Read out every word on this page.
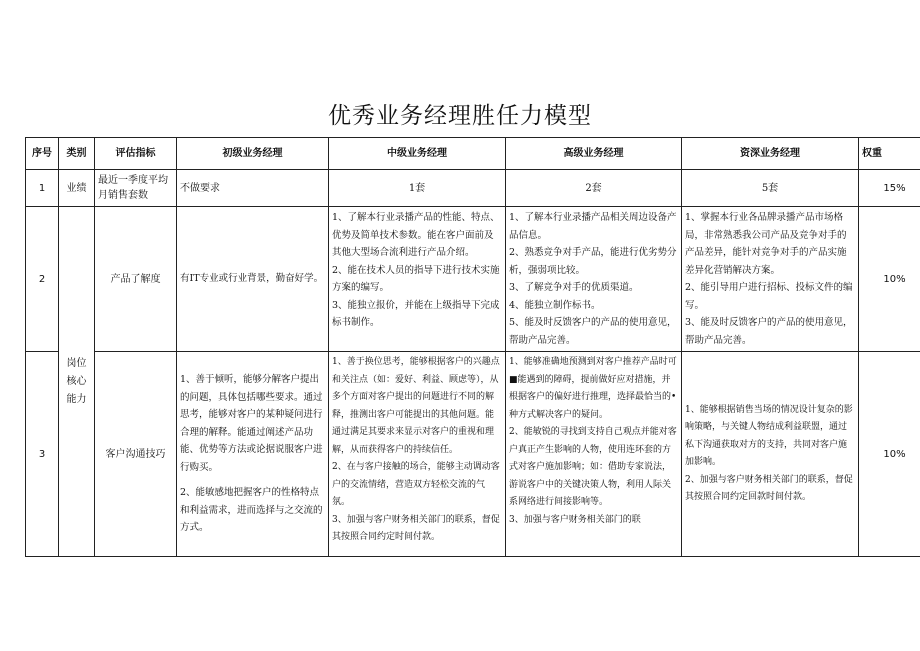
优秀业务经理胜任力模型
序号	类别	评估指标	初级业务经理	中级业务经理	高级业务经理	资深业务经理	权重
1	业绩	最近一季度平均月销售套数	不做要求	1套	2套	5套	15%
2	岗位核心能力	产品了解度	有IT专业或行业背景，勤奋好学。	1、了解本行业录播产品的性能、特点、优势及简单技术参数。能在客户面前及其他大型场合流利进行产品介绍。
2、能在技术人员的指导下进行技术实施方案的编写。
3、能独立报价，并能在上级指导下完成标书制作。	1、了解本行业录播产品相关周边设备产品信息。
2、熟悉竞争对手产品，能进行优劣势分析，强弱项比较。
3、了解竞争对手的优质渠道。
4、能独立制作标书。
5、能及时反馈客户的产品的使用意见，帮助产品完善。	1、掌握本行业各品牌录播产品市场格局，非常熟悉我公司产品及竞争对手的产品差异，能针对竞争对手的产品实施差异化营销解决方案。
2、能引导用户进行招标、投标文件的编写。
3、能及时反馈客户的产品的使用意见，帮助产品完善。	10%
3		客户沟通技巧	1、善于倾听，能够分解客户提出的问题，具体包括哪些要求。通过思考，能够对客户的某种疑问进行合理的解释。能通过阐述产品功能、优势等方法或论据说服客户进行购买。
2、能敏感地把握客户的性格特点和利益需求，进而选择与之交流的方式。	1、善于换位思考，能够根据客户的兴趣点和关注点（如：爱好、利益、顾虑等），从多个方面对客户提出的问题进行不同的解释，推测出客户可能提出的其他问题。能通过满足其要求来显示对客户的重视和理解，从而获得客户的持续信任。
2、在与客户接触的场合，能够主动调动客户的交流情绪，营造双方轻松交流的气氛。
3、加强与客户财务相关部门的联系，督促其按照合同约定时间付款。	1、能够准确地预测到对客户推荐产品时可■能遇到的障碍，提前做好应对措施，并根据客户的偏好进行推理，选择最恰当的•种方式解决客户的疑问。
2、能敏锐的寻找到支持自己观点并能对客户真正产生影响的人物，使用连环套的方式对客户施加影响；如：借助专家说法，游说客户中的关键决策人物，利用人际关系网络进行间接影响等。
3、加强与客户财务相关部门的联	1、能够根据销售当场的情况设计复杂的影响策略，与关键人物结成利益联盟，通过私下沟通获取对方的支持，共同对客户施加影响。
2、加强与客户财务相关部门的联系，督促其按照合同约定回款时间付款。	10%
